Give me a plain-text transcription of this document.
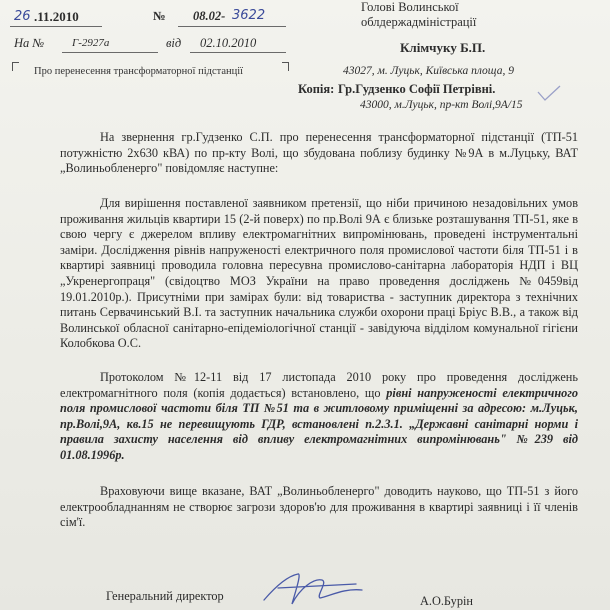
26 .11.2010	№ 08.02- 3622
На №	Г-2927а	від 02.10.2010
Про перенесення трансформаторної підстанції
Голові Волинської
облдержадміністрації
Клімчуку Б.П.
43027, м. Луцьк, Київська площа, 9
Копія: Гр.Гудзенко Софії Петрівні.
43000, м.Луцьк, пр-кт Волі,9А/15

На звернення гр.Гудзенко С.П. про перенесення трансформаторної підстанції (ТП-51 потужністю 2х630 кВА) по пр-кту Волі, що збудована поблизу будинку №9А в м.Луцьку, ВАТ „Волиньобленерго" повідомляє наступне:

Для вирішення поставленої заявником претензії, що ніби причиною незадовільних умов проживання жильців квартири 15 (2-й поверх) по пр.Волі 9А є близьке розташування ТП-51, яке в свою чергу є джерелом впливу електромагнітних випромінювань, проведені інструментальні заміри. Дослідження рівнів напруженості електричного поля промислової частоти біля ТП-51 і в квартирі заявниці проводила головна пересувна промислово-санітарна лабораторія НДП і ВЦ „Укренергопраця" (свідоцтво МОЗ України на право проведення досліджень №0459від 19.01.2010р.). Присутніми при замірах були: від товариства - заступник директора з технічних питань Сервачинський В.І. та заступник начальника служби охорони праці Бріус В.В., а також від Волинської обласної санітарно-епідеміологічної станції - завідуюча відділом комунальної гігієни Колобкова О.С.

Протоколом №12-11 від 17 листопада 2010 року про проведення досліджень електромагнітного поля (копія додається) встановлено, що рівні напруженості електричного поля промислової частоти біля ТП №51 та в житловому приміщенні за адресою: м.Луцьк, пр.Волі,9А, кв.15 не перевищують ГДР, встановлені п.2.3.1. „Державні санітарні норми і правила захисту населення від впливу електромагнітних випромінювань" №239 від 01.08.1996р.

Враховуючи вище вказане, ВАТ „Волиньобленерго" доводить науково, що ТП-51 з його електрообладнанням не створює загрози здоров'ю для проживання в квартирі заявниці і її членів сім'ї.

Генеральний директор	А.О.Бурін
